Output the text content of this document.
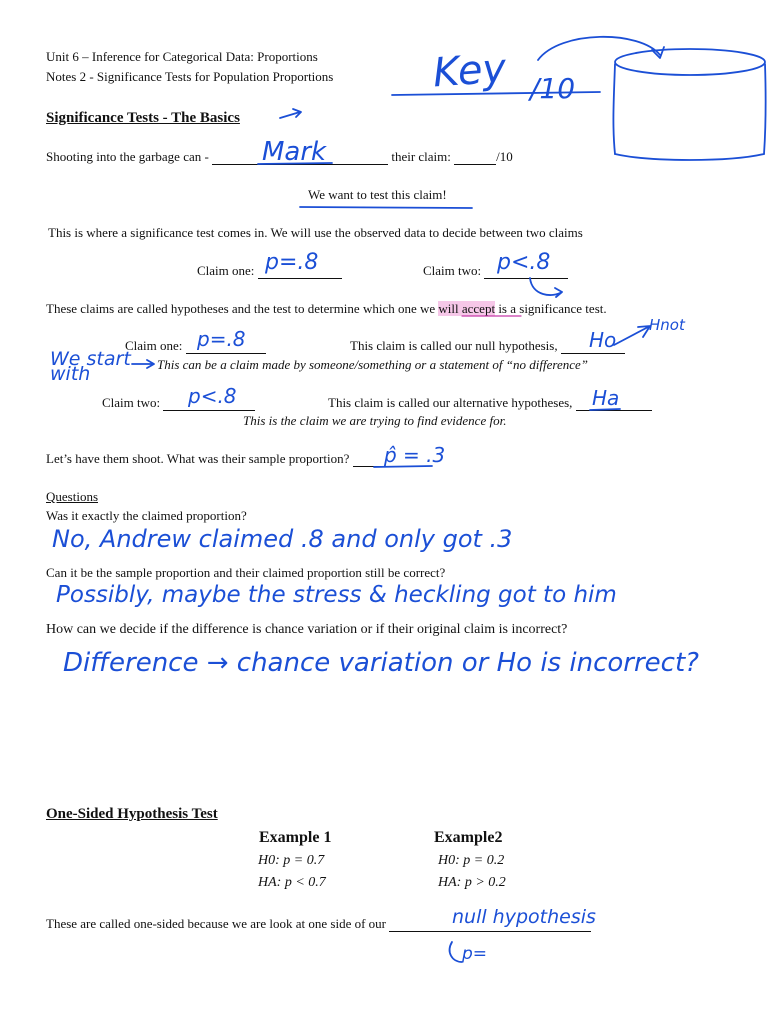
Unit 6 – Inference for Categorical Data: Proportions
Notes 2 - Significance Tests for Population Proportions Key /10
Significance Tests - The Basics
Shooting into the garbage can -	their claim:	/10
Mark
We want to test this claim!
This is where a significance test comes in. We will use the observed data to decide between two claims
Claim one: p=.8	Claim two: p<.8
These claims are called hypotheses and the test to determine which one we will accept is a significance test.
Claim one: p=.8	This claim is called our null hypothesis,	Ho
Hnot
We start with	This can be a claim made by someone/something or a statement of “no difference”
Claim two:	p<.8	This claim is called our alternative hypotheses, Ha
This is the claim we are trying to find evidence for.
Let’s have them shoot. What was their sample proportion?	p̂ = .3
Questions
Was it exactly the claimed proportion?
No, Andrew claimed .8 and only got .3
Can it be the sample proportion and their claimed proportion still be correct?
Possibly, maybe the stress & heckling got to him
How can we decide if the difference is chance variation or if their original claim is incorrect?
Difference → chance variation or Ho is incorrect?
One-Sided Hypothesis Test
Example 1
H0: p = 0.7
HA: p < 0.7
Example2
H0: p = 0.2
HA: p > 0.2
These are called one-sided because we are look at one side of our	null hypothesis
p=
